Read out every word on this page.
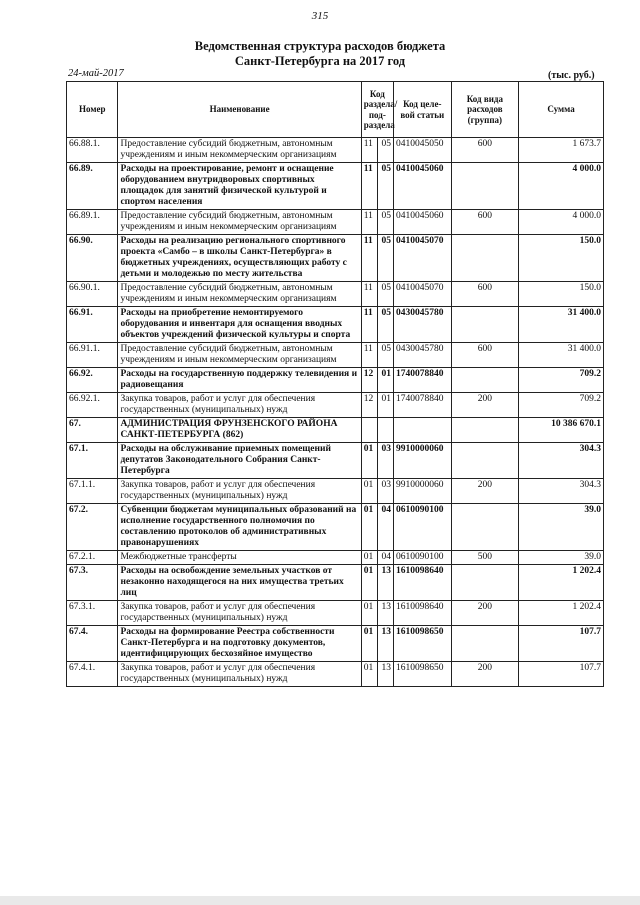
315
Ведомственная структура расходов бюджета
Санкт-Петербурга на 2017 год
24-май-2017	(тыс. руб.)
Номер	Наименование	Код раздела/ под-раздела		Код целе-вой статьи	Код вида расходов (группа)	Сумма
66.88.1.	Предоставление субсидий бюджетным, автономным учреждениям и иным некоммерческим организациям	11	05	0410045050	600	1 673.7
66.89.	Расходы на проектирование, ремонт и оснащение оборудованием внутридворовых спортивных площадок для занятий физической культурой и спортом населения	11	05	0410045060		4 000.0
66.89.1.	Предоставление субсидий бюджетным, автономным учреждениям и иным некоммерческим организациям	11	05	0410045060	600	4 000.0
66.90.	Расходы на реализацию регионального спортивного проекта «Самбо – в школы Санкт-Петербурга» в бюджетных учреждениях, осуществляющих работу с детьми и молодежью по месту жительства	11	05	0410045070		150.0
66.90.1.	Предоставление субсидий бюджетным, автономным учреждениям и иным некоммерческим организациям	11	05	0410045070	600	150.0
66.91.	Расходы на приобретение немонтируемого оборудования и инвентаря для оснащения вводных объектов учреждений физической культуры и спорта	11	05	0430045780		31 400.0
66.91.1.	Предоставление субсидий бюджетным, автономным учреждениям и иным некоммерческим организациям	11	05	0430045780	600	31 400.0
66.92.	Расходы на государственную поддержку телевидения и радиовещания	12	01	1740078840		709.2
66.92.1.	Закупка товаров, работ и услуг для обеспечения государственных (муниципальных) нужд	12	01	1740078840	200	709.2
67.	АДМИНИСТРАЦИЯ ФРУНЗЕНСКОГО РАЙОНА САНКТ-ПЕТЕРБУРГА (862)					10 386 670.1
67.1.	Расходы на обслуживание приемных помещений депутатов Законодательного Собрания Санкт-Петербурга	01	03	9910000060		304.3
67.1.1.	Закупка товаров, работ и услуг для обеспечения государственных (муниципальных) нужд	01	03	9910000060	200	304.3
67.2.	Субвенции бюджетам муниципальных образований на исполнение государственного полномочия по составлению протоколов об административных правонарушениях	01	04	0610090100		39.0
67.2.1.	Межбюджетные трансферты	01	04	0610090100	500	39.0
67.3.	Расходы на освобождение земельных участков от незаконно находящегося на них имущества третьих лиц	01	13	1610098640		1 202.4
67.3.1.	Закупка товаров, работ и услуг для обеспечения государственных (муниципальных) нужд	01	13	1610098640	200	1 202.4
67.4.	Расходы на формирование Реестра собственности Санкт-Петербурга и на подготовку документов, идентифицирующих бесхозяйное имущество	01	13	1610098650		107.7
67.4.1.	Закупка товаров, работ и услуг для обеспечения государственных (муниципальных) нужд	01	13	1610098650	200	107.7
